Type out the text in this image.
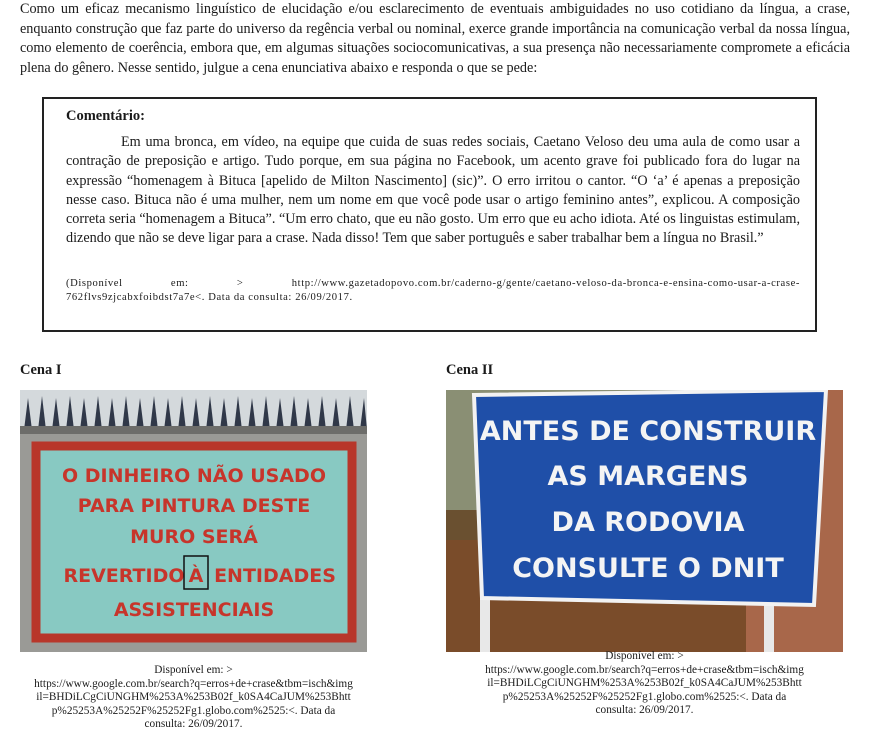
Como um eficaz mecanismo linguístico de elucidação e/ou esclarecimento de eventuais ambiguidades no uso cotidiano da língua, a crase, enquanto construção que faz parte do universo da regência verbal ou nominal, exerce grande importância na comunicação verbal da nossa língua, como elemento de coerência, embora que, em algumas situações sociocomunicativas, a sua presença não necessariamente compromete a eficácia plena do gênero. Nesse sentido, julgue a cena enunciativa abaixo e responda o que se pede:
Comentário:
Em uma bronca, em vídeo, na equipe que cuida de suas redes sociais, Caetano Veloso deu uma aula de como usar a contração de preposição e artigo. Tudo porque, em sua página no Facebook, um acento grave foi publicado fora do lugar na expressão “homenagem à Bituca [apelido de Milton Nascimento] (sic)”. O erro irritou o cantor. “O ‘a’ é apenas a preposição nesse caso. Bituca não é uma mulher, nem um nome em que você pode usar o artigo feminino antes”, explicou. A composição correta seria “homenagem a Bituca”. “Um erro chato, que eu não gosto. Um erro que eu acho idiota. Até os linguistas estimulam, dizendo que não se deve ligar para a crase. Nada disso! Tem que saber português e saber trabalhar bem a língua no Brasil.”
(Disponível em: > http://www.gazetadopovo.com.br/caderno-g/gente/caetano-veloso-da-bronca-e-ensina-como-usar-a-crase-762flvs9zjcabxfoibdst7a7e<. Data da consulta: 26/09/2017.
Cena I
O DINHEIRO NÃO USADO
PARA PINTURA DESTE
MURO SERÁ
REVERTIDO À ENTIDADES
ASSISTENCIAIS
Disponível em: >
https://www.google.com.br/search?q=erros+de+crase&tbm=isch&img
il=BHDiLCgCiUNGHM%253A%253B02f_k0SA4CaJUM%253Bhtt
p%25253A%25252F%25252Fg1.globo.com%2525:<. Data da
consulta: 26/09/2017.
Cena II
ANTES DE CONSTRUIR
AS MARGENS
DA RODOVIA
CONSULTE O DNIT
Disponível em: >
https://www.google.com.br/search?q=erros+de+crase&tbm=isch&img
il=BHDiLCgCiUNGHM%253A%253B02f_k0SA4CaJUM%253Bhtt
p%25253A%25252F%25252Fg1.globo.com%2525:<. Data da
consulta: 26/09/2017.
